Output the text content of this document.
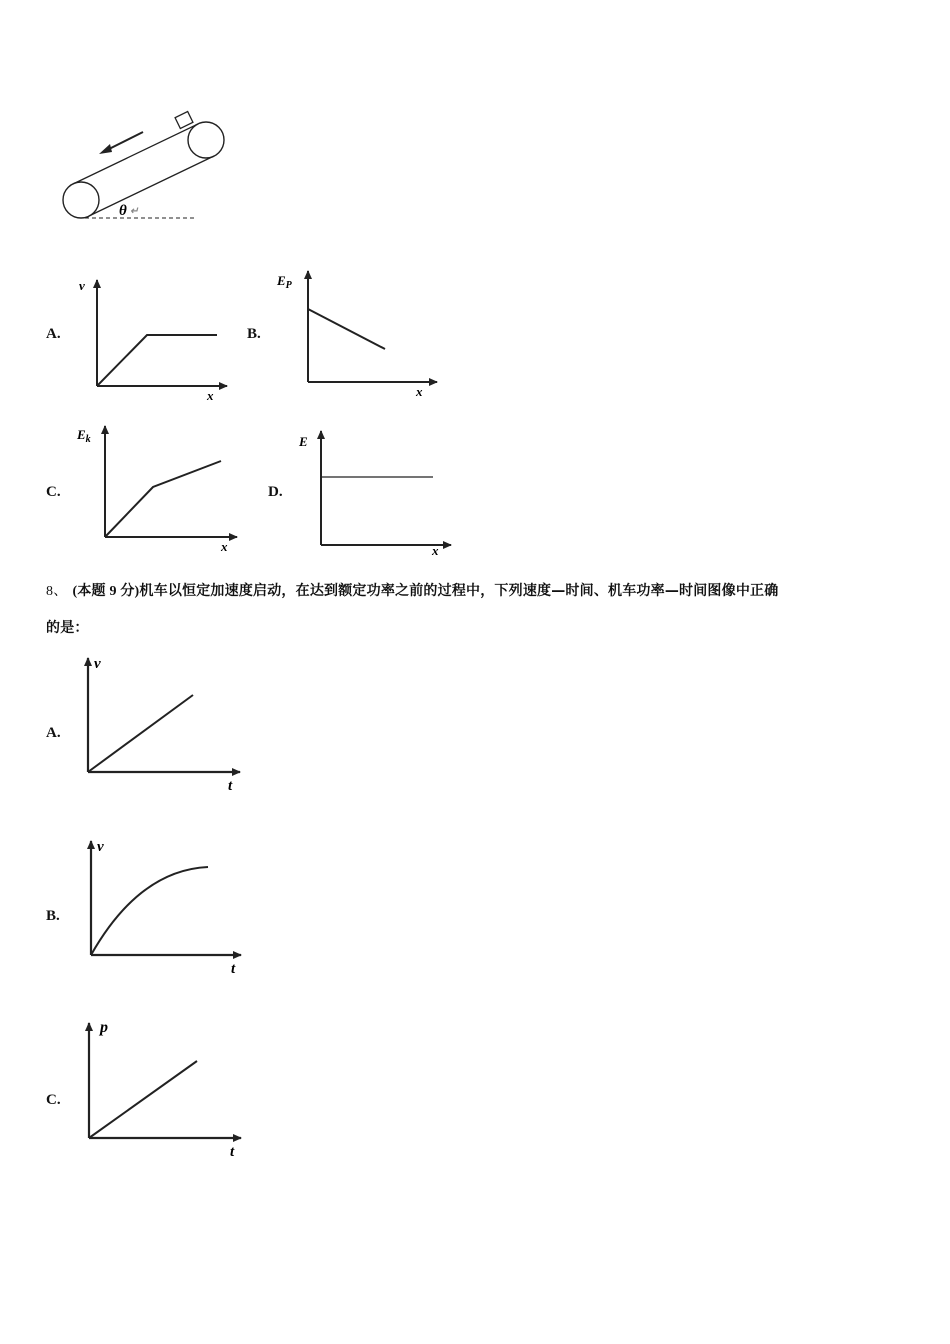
θ ↵
A.
v
x
B.
$E_P$
x
C.
$E_k$
x
D.
E
x
8、 (本题 9 分)机车以恒定加速度启动，在达到额定功率之前的过程中，下列速度—时间、机车功率—时间图像中正确
的是：
A.
v
t
B.
v
t
C.
p
t
